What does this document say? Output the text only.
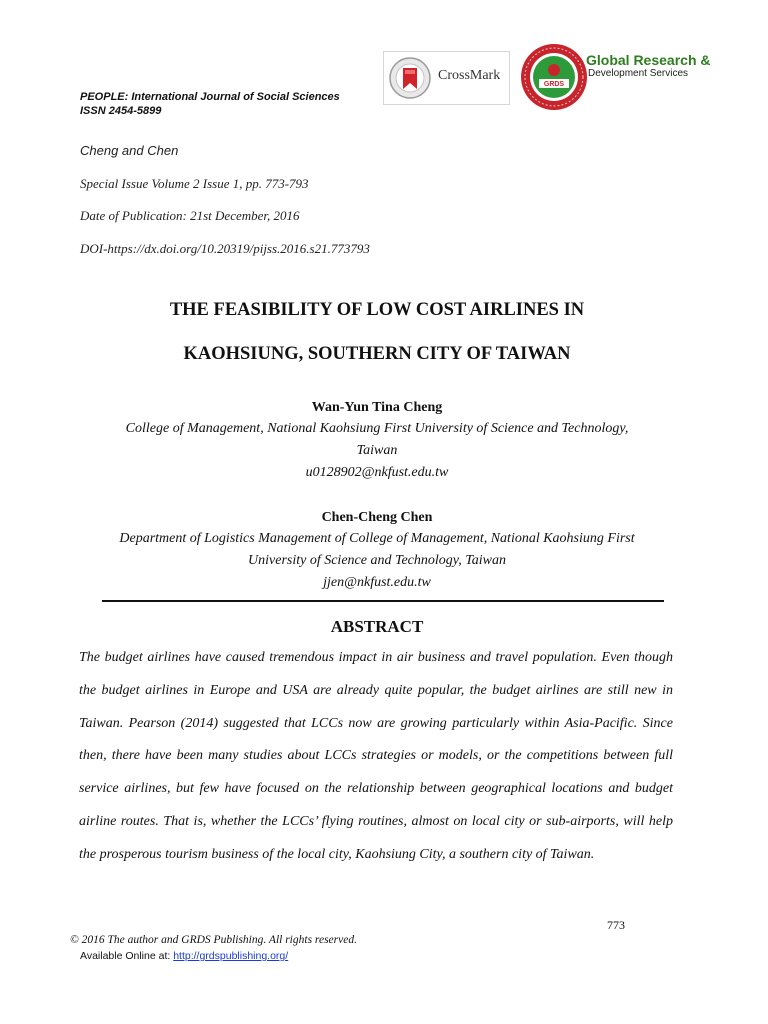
CrossMark
GRDS
Global Research &
Development Services
PEOPLE: International Journal of Social Sciences
ISSN 2454-5899
Cheng and Chen
Special Issue Volume 2 Issue 1, pp. 773-793
Date of Publication: 21st December, 2016
DOI-https://dx.doi.org/10.20319/pijss.2016.s21.773793
THE FEASIBILITY OF LOW COST AIRLINES IN
KAOHSIUNG, SOUTHERN CITY OF TAIWAN
Wan-Yun Tina Cheng
College of Management, National Kaohsiung First University of Science and Technology,
Taiwan
u0128902@nkfust.edu.tw
Chen-Cheng Chen
Department of Logistics Management of College of Management, National Kaohsiung First
University of Science and Technology, Taiwan
jjen@nkfust.edu.tw
ABSTRACT
The budget airlines have caused tremendous impact in air business and travel population. Even though the budget airlines in Europe and USA are already quite popular, the budget airlines are still new in Taiwan. Pearson (2014) suggested that LCCs now are growing particularly within Asia-Pacific. Since then, there have been many studies about LCCs strategies or models, or the competitions between full service airlines, but few have focused on the relationship between geographical locations and budget airline routes. That is, whether the LCCs’ flying routines, almost on local city or sub-airports, will help the prosperous tourism business of the local city, Kaohsiung City, a southern city of Taiwan.
773
© 2016 The author and GRDS Publishing. All rights reserved.
Available Online at: http://grdspublishing.org/
